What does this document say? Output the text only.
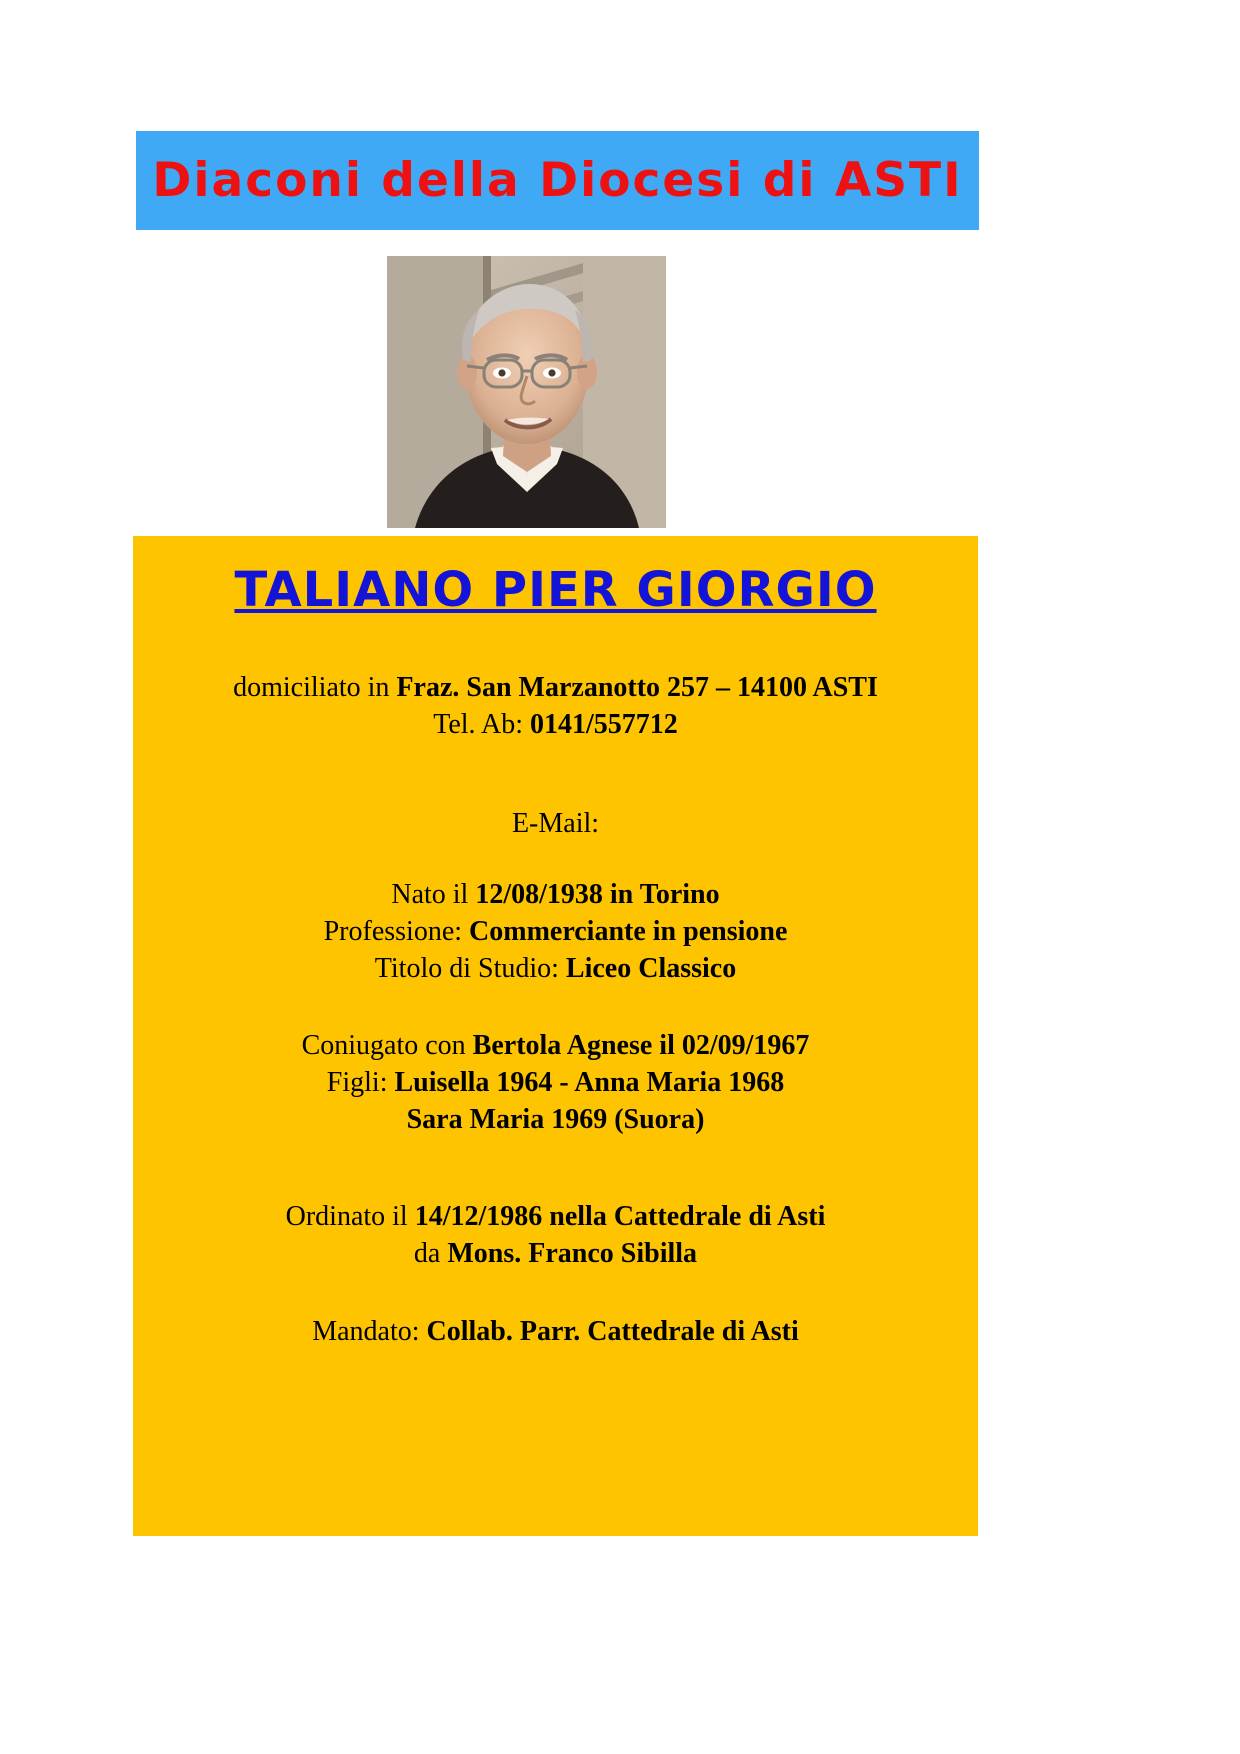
Diaconi della Diocesi di ASTI
TALIANO PIER GIORGIO
domiciliato in Fraz. San Marzanotto 257 – 14100 ASTI
Tel. Ab: 0141/557712
E-Mail:
Nato il 12/08/1938 in Torino
Professione: Commerciante in pensione
Titolo di Studio: Liceo Classico
Coniugato con Bertola Agnese il 02/09/1967
Figli: Luisella 1964 - Anna Maria 1968
Sara Maria 1969 (Suora)
Ordinato il 14/12/1986 nella Cattedrale di Asti
da Mons. Franco Sibilla
Mandato: Collab. Parr. Cattedrale di Asti
